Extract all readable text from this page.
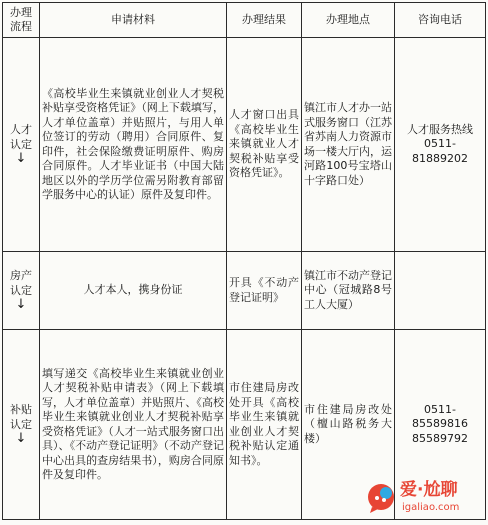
办理
流程	申请材料	办理结果	办理地点	咨询电话

人才
认定

↓	《高校毕业生来镇就业创业人才契税补贴享受资格凭证》（网上下载填写，人才单位盖章）并贴照片，与用人单位签订的劳动（聘用）合同原件、复印件，社会保险缴费证明原件、购房合同原件。人才毕业证书（中国大陆地区以外的学历学位需另附教育部留学服务中心的认证）原件及复印件。	人才窗口出具《高校毕业生来镇就业人才契税补贴享受资格凭证》。	镇江市人才办一站式服务窗口（江苏省苏南人力资源市场一楼大厅内，运河路100号宝塔山十字路口处）	人才服务热线0511-81889202

房产
认定

↓	人才本人，携身份证	开具《不动产登记证明》	镇江市不动产登记中心（冠城路8号工人大厦）	

补贴
认定

↓	填写递交《高校毕业生来镇就业创业人才契税补贴申请表》（网上下载填写，人才单位盖章）并贴照片、《高校毕业生来镇就业创业人才契税补贴享受资格凭证》（人才一站式服务窗口出具）、《不动产登记证明》（不动产登记中心出具的查房结果书），购房合同原件及复印件。	市住建局房改处开具《高校毕业生来镇就业创业人才契税补贴认定通知书》。	市住建局房改处（檀山路税务大楼）	0511-85589816 85589792
爱·尬聊
igaliao.com
